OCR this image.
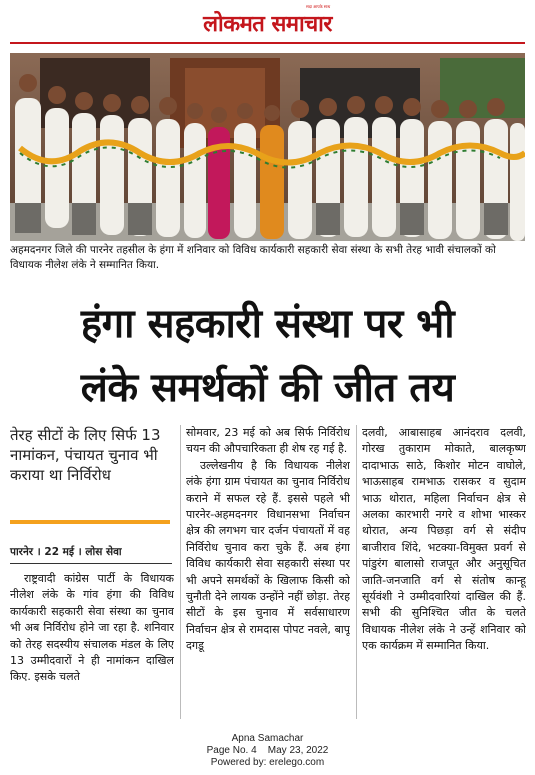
सदा आपके साथ
लोकमत समाचार
अहमदनगर जिले की पारनेर तहसील के हंगा में शनिवार को विविध कार्यकारी सहकारी सेवा संस्था के सभी तेरह भावी संचालकों को विधायक नीलेश लंके ने सम्मानित किया.
हंगा सहकारी संस्था पर भी
लंके समर्थकों की जीत तय
तेरह सीटों के लिए सिर्फ 13 नामांकन, पंचायत चुनाव भी कराया था निर्विरोध
पारनेर । 22 मई । लोस सेवा

राष्ट्रवादी कांग्रेस पार्टी के विधायक नीलेश लंके के गांव हंगा की विविध कार्यकारी सहकारी सेवा संस्था का चुनाव भी अब निर्विरोध होने जा रहा है. शनिवार को तेरह सदस्यीय संचालक मंडल के लिए 13 उम्मीदवारों ने ही नामांकन दाखिल किए. इसके चलते

सोमवार, 23 मई को अब सिर्फ निर्विरोध चयन की औपचारिकता ही शेष रह गई है.

उल्लेखनीय है कि विधायक नीलेश लंके हंगा ग्राम पंचायत का चुनाव निर्विरोध कराने में सफल रहे हैं. इससे पहले भी पारनेर-अहमदनगर विधानसभा निर्वाचन क्षेत्र की लगभग चार दर्जन पंचायतों में वह निर्विरोध चुनाव करा चुके हैं. अब हंगा विविध कार्यकारी सेवा सहकारी संस्था पर भी अपने समर्थकों के खिलाफ किसी को चुनौती देने लायक उन्होंने नहीं छोड़ा. तेरह सीटों के इस चुनाव में सर्वसाधारण निर्वाचन क्षेत्र से रामदास पोपट नवले, बापू दगडू

दलवी, आबासाहब आनंदराव दलवी, गोरख तुकाराम मोकाते, बालकृष्ण दादाभाऊ साठे, किशोर मोटन वाघोले, भाऊसाहब रामभाऊ रासकर व सुदाम भाऊ थोरात, महिला निर्वाचन क्षेत्र से अलका कारभारी नगरे व शोभा भास्कर थोरात, अन्य पिछड़ा वर्ग से संदीप बाजीराव शिंदे, भटक्या-विमुक्त प्रवर्ग से पांडुरंग बालासो राजपूत और अनुसूचित जाति-जनजाति वर्ग से संतोष कान्हू सूर्यवंशी ने उम्मीदवारियां दाखिल की हैं. सभी की सुनिश्चित जीत के चलते विधायक नीलेश लंके ने उन्हें शनिवार को एक कार्यक्रम में सम्मानित किया.

Apna Samachar
Page No. 4    May 23, 2022
Powered by: erelego.com
